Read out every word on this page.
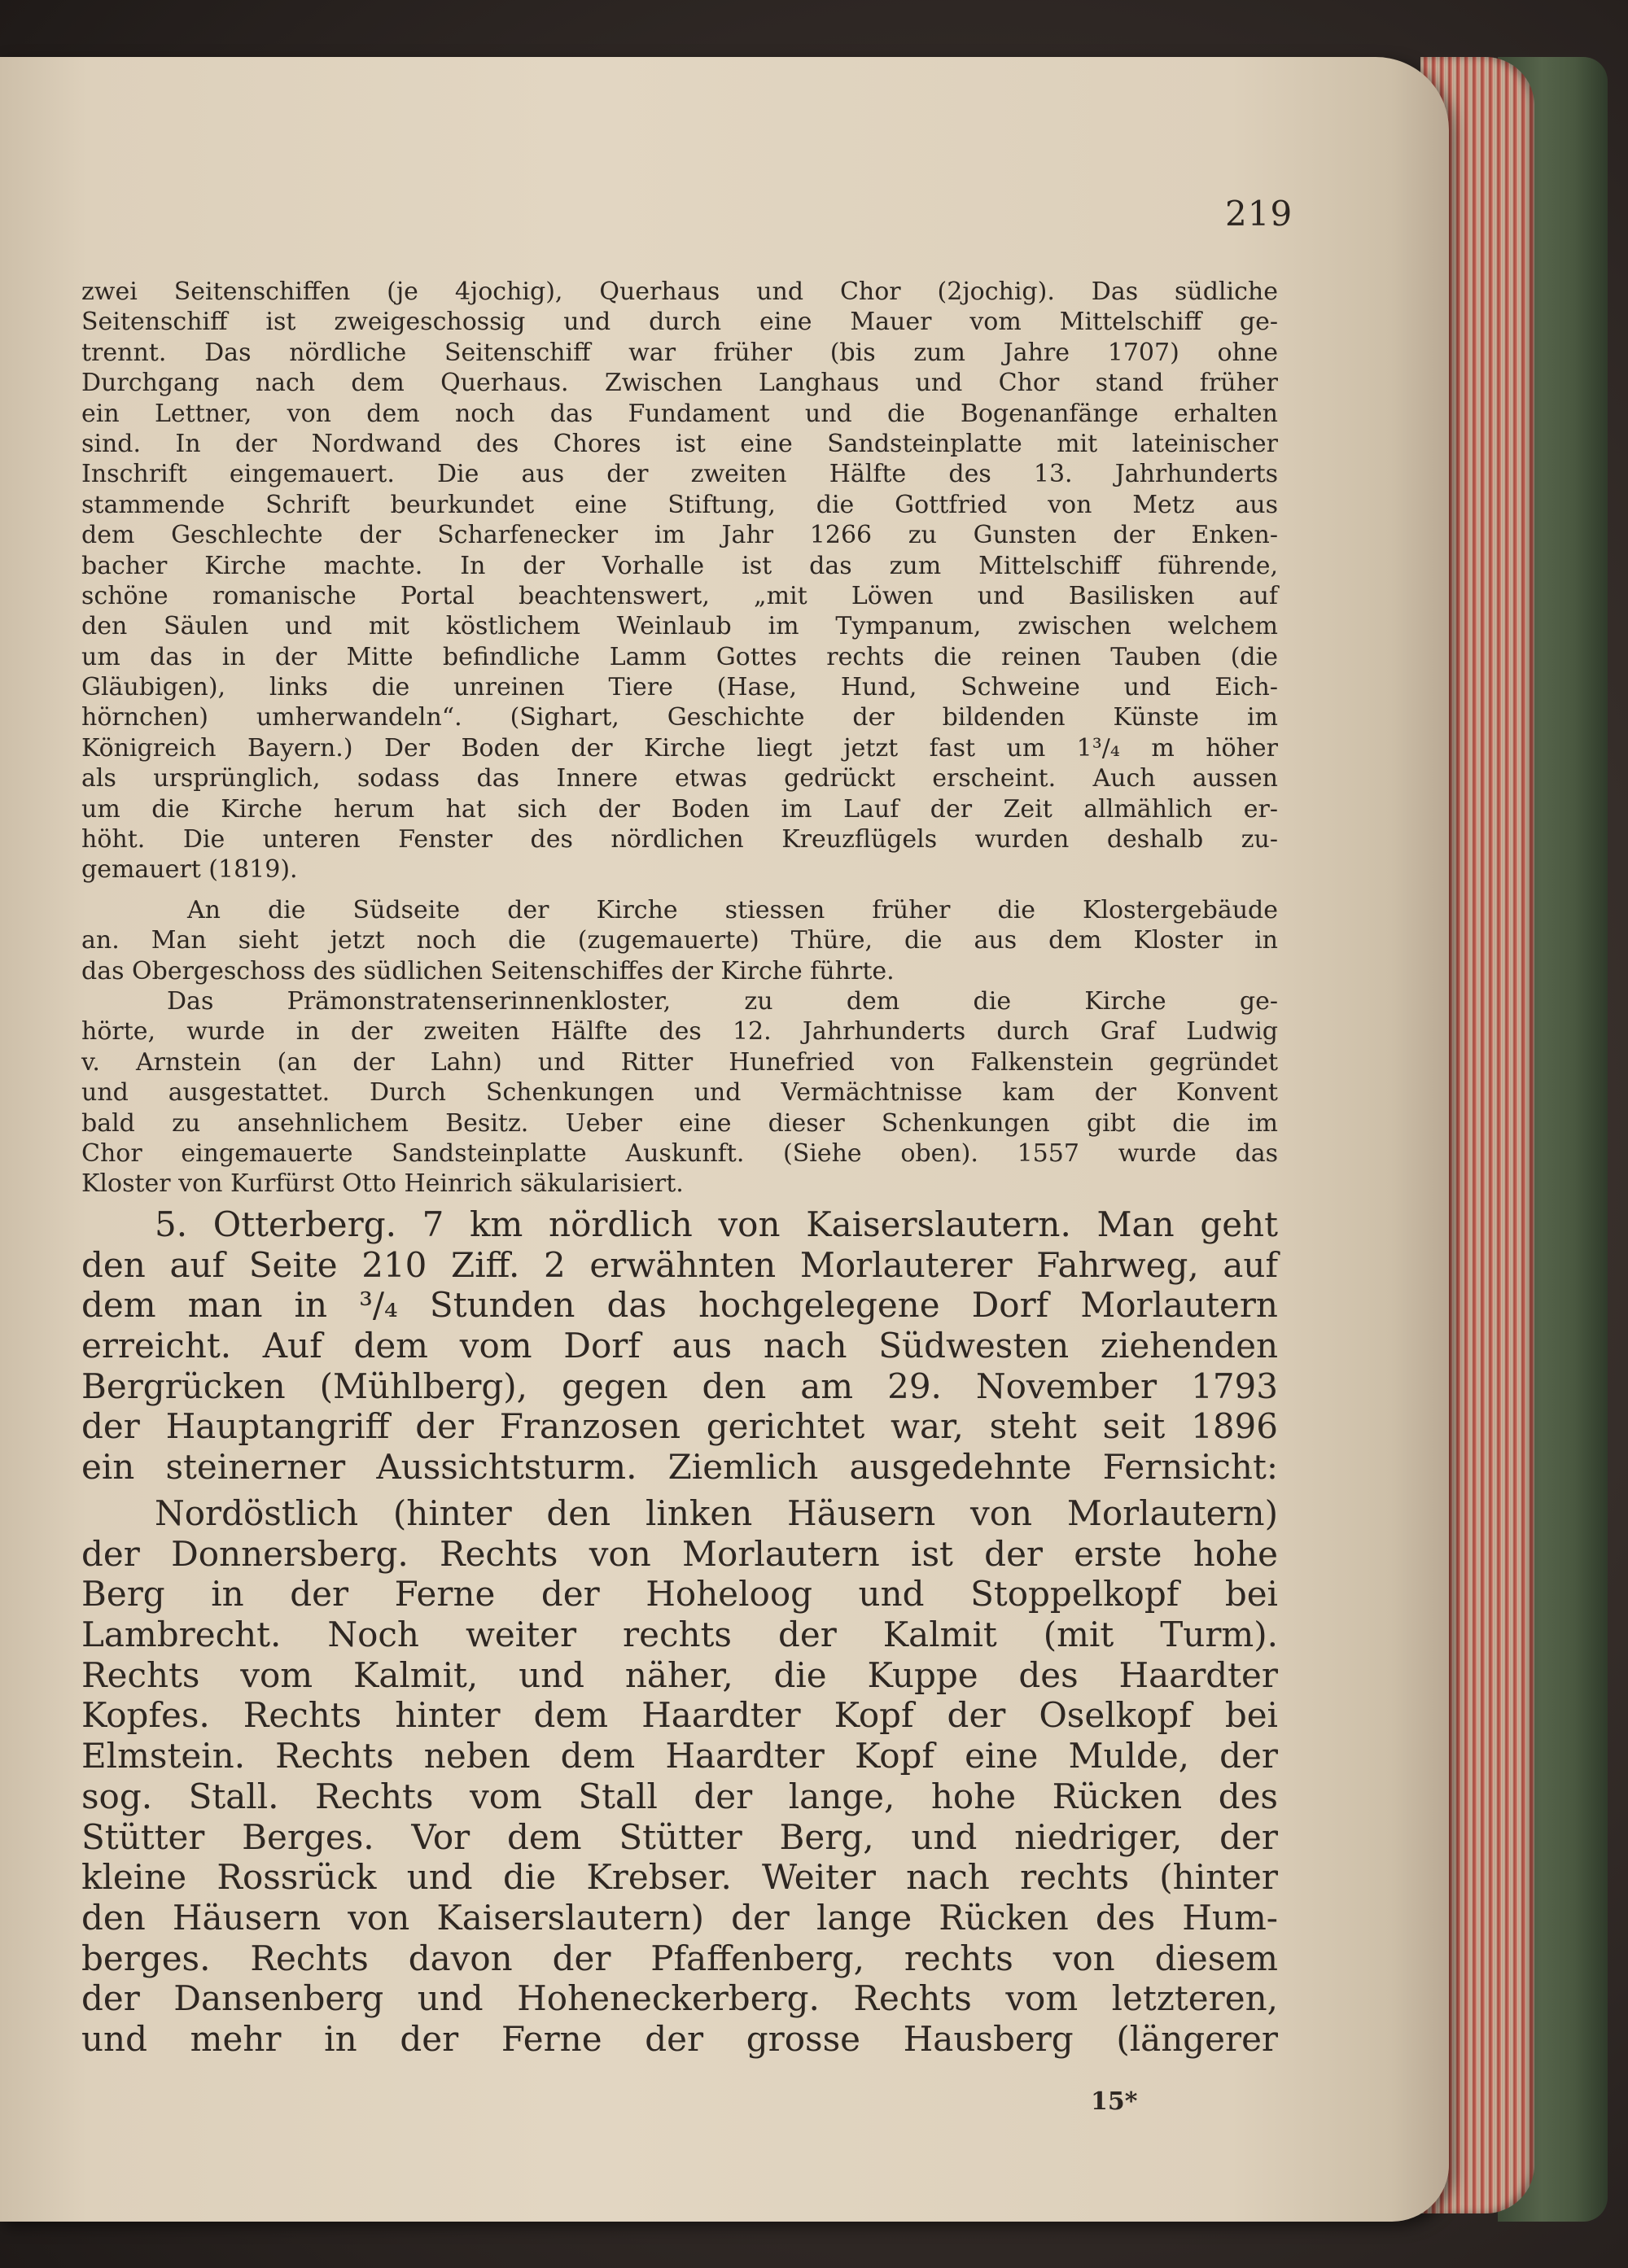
219
zwei Seitenschiffen (je 4jochig), Querhaus und Chor (2jochig). Das südliche
Seitenschiff ist zweigeschossig und durch eine Mauer vom Mittelschiff ge-
trennt. Das nördliche Seitenschiff war früher (bis zum Jahre 1707) ohne
Durchgang nach dem Querhaus. Zwischen Langhaus und Chor stand früher
ein Lettner, von dem noch das Fundament und die Bogenanfänge erhalten
sind. In der Nordwand des Chores ist eine Sandsteinplatte mit lateinischer
Inschrift eingemauert. Die aus der zweiten Hälfte des 13. Jahrhunderts
stammende Schrift beurkundet eine Stiftung, die Gottfried von Metz aus
dem Geschlechte der Scharfenecker im Jahr 1266 zu Gunsten der Enken-
bacher Kirche machte. In der Vorhalle ist das zum Mittelschiff führende,
schöne romanische Portal beachtenswert, „mit Löwen und Basilisken auf
den Säulen und mit köstlichem Weinlaub im Tympanum, zwischen welchem
um das in der Mitte befindliche Lamm Gottes rechts die reinen Tauben (die
Gläubigen), links die unreinen Tiere (Hase, Hund, Schweine und Eich-
hörnchen) umherwandeln“. (Sighart, Geschichte der bildenden Künste im
Königreich Bayern.) Der Boden der Kirche liegt jetzt fast um 1³/₄ m höher
als ursprünglich, sodass das Innere etwas gedrückt erscheint. Auch aussen
um die Kirche herum hat sich der Boden im Lauf der Zeit allmählich er-
höht. Die unteren Fenster des nördlichen Kreuzflügels wurden deshalb zu-
gemauert (1819).
An die Südseite der Kirche stiessen früher die Klostergebäude
an. Man sieht jetzt noch die (zugemauerte) Thüre, die aus dem Kloster in
das Obergeschoss des südlichen Seitenschiffes der Kirche führte.
Das Prämonstratenserinnenkloster, zu dem die Kirche ge-
hörte, wurde in der zweiten Hälfte des 12. Jahrhunderts durch Graf Ludwig
v. Arnstein (an der Lahn) und Ritter Hunefried von Falkenstein gegründet
und ausgestattet. Durch Schenkungen und Vermächtnisse kam der Konvent
bald zu ansehnlichem Besitz. Ueber eine dieser Schenkungen gibt die im
Chor eingemauerte Sandsteinplatte Auskunft. (Siehe oben). 1557 wurde das
Kloster von Kurfürst Otto Heinrich säkularisiert.
5. Otterberg. 7 km nördlich von Kaiserslautern. Man geht
den auf Seite 210 Ziff. 2 erwähnten Morlauterer Fahrweg, auf
dem man in ³/₄ Stunden das hochgelegene Dorf Morlautern
erreicht. Auf dem vom Dorf aus nach Südwesten ziehenden
Bergrücken (Mühlberg), gegen den am 29. November 1793
der Hauptangriff der Franzosen gerichtet war, steht seit 1896
ein steinerner Aussichtsturm. Ziemlich ausgedehnte Fernsicht:
Nordöstlich (hinter den linken Häusern von Morlautern)
der Donnersberg. Rechts von Morlautern ist der erste hohe
Berg in der Ferne der Hoheloog und Stoppelkopf bei
Lambrecht. Noch weiter rechts der Kalmit (mit Turm).
Rechts vom Kalmit, und näher, die Kuppe des Haardter
Kopfes. Rechts hinter dem Haardter Kopf der Oselkopf bei
Elmstein. Rechts neben dem Haardter Kopf eine Mulde, der
sog. Stall. Rechts vom Stall der lange, hohe Rücken des
Stütter Berges. Vor dem Stütter Berg, und niedriger, der
kleine Rossrück und die Krebser. Weiter nach rechts (hinter
den Häusern von Kaiserslautern) der lange Rücken des Hum-
berges. Rechts davon der Pfaffenberg, rechts von diesem
der Dansenberg und Hoheneckerberg. Rechts vom letzteren,
und mehr in der Ferne der grosse Hausberg (längerer
15*
